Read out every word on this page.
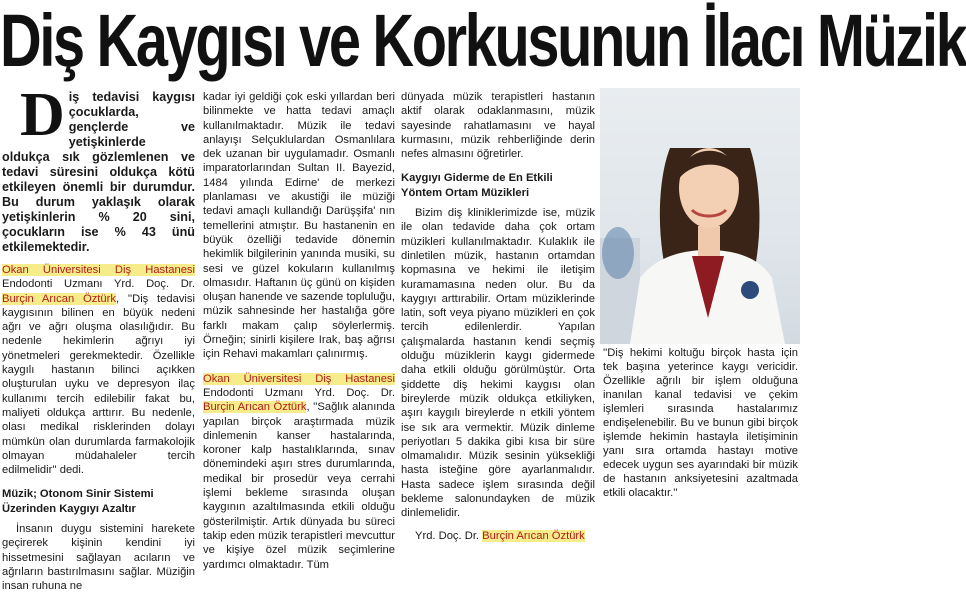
Diş Kaygısı ve Korkusunun İlacı Müzik

Diş tedavisi kaygısı çocuklarda, gençlerde ve yetişkinlerde oldukça sık gözlemlenen ve tedavi süresini oldukça kötü etkileyen önemli bir durumdur. Bu durum yaklaşık olarak yetişkinlerin % 20 sini, çocukların ise % 43 ünü etkilemektedir.

Okan Üniversitesi Diş Hastanesi Endodonti Uzmanı Yrd. Doç. Dr. Burçin Arıcan Öztürk, ''Diş tedavisi kaygısının bilinen en büyük nedeni ağrı ve ağrı oluşma olasılığıdır. Bu nedenle hekimlerin ağrıyı iyi yönetmeleri gerekmektedir. Özellikle kaygılı hastanın bilinci açıkken oluşturulan uyku ve depresyon ilaç kullanımı tercih edilebilir fakat bu, maliyeti oldukça arttırır. Bu nedenle, olası medikal risklerinden dolayı mümkün olan durumlarda farmakolojik olmayan müdahaleler tercih edilmelidir'' dedi.

Müzik; Otonom Sinir Sistemi Üzerinden Kaygıyı Azaltır

İnsanın duygu sistemini harekete geçirerek kişinin kendini iyi hissetmesini sağlayan acıların ve ağrıların bastırılmasını sağlar. Müziğin insan ruhuna ne

kadar iyi geldiği çok eski yıllardan beri bilinmekte ve hatta tedavi amaçlı kullanılmaktadır. Müzik ile tedavi anlayışı Selçuklulardan Osmanlılara dek uzanan bir uygulamadır. Osmanlı imparatorlarından Sultan II. Bayezid, 1484 yılında Edirne' de merkezi planlaması ve akustiği ile müziği tedavi amaçlı kullandığı Darüşşifa' nın temellerini atmıştır. Bu hastanenin en büyük özelliği tedavide dönemin hekimlik bilgilerinin yanında musiki, su sesi ve güzel kokuların kullanılmış olmasıdır. Haftanın üç günü on kişiden oluşan hanende ve sazende topluluğu, müzik sahnesinde her hastalığa göre farklı makam çalıp söylerlermiş. Örneğin; sinirli kişilere Irak, baş ağrısı için Rehavi makamları çalınırmış.

Okan Üniversitesi Diş Hastanesi Endodonti Uzmanı Yrd. Doç. Dr. Burçin Arıcan Öztürk, ''Sağlık alanında yapılan birçok araştırmada müzik dinlemenin kanser hastalarında, koroner kalp hastalıklarında, sınav dönemindeki aşırı stres durumlarında, medikal bir prosedür veya cerrahi işlemi bekleme sırasında oluşan kaygının azaltılmasında etkili olduğu gösterilmiştir. Artık dünyada bu süreci takip eden müzik terapistleri mevcuttur ve kişiye özel müzik seçimlerine yardımcı olmaktadır. Tüm

dünyada müzik terapistleri hastanın aktif olarak odaklanmasını, müzik sayesinde rahatlamasını ve hayal kurmasını, müzik rehberliğinde derin nefes almasını öğretirler.

Kaygıyı Giderme de En Etkili Yöntem Ortam Müzikleri

Bizim diş kliniklerimizde ise, müzik ile olan tedavide daha çok ortam müzikleri kullanılmaktadır. Kulaklık ile dinletilen müzik, hastanın ortamdan kopmasına ve hekimi ile iletişim kuramamasına neden olur. Bu da kaygıyı arttırabilir. Ortam müziklerinde latin, soft veya piyano müzikleri en çok tercih edilenlerdir. Yapılan çalışmalarda hastanın kendi seçmiş olduğu müziklerin kaygı gidermede daha etkili olduğu görülmüştür. Orta şiddette diş hekimi kaygısı olan bireylerde müzik oldukça etkiliyken, aşırı kaygılı bireylerde n etkili yöntem ise sık ara vermektir. Müzik dinleme periyotları 5 dakika gibi kısa bir süre olmamalıdır. Müzik sesinin yüksekliği hasta isteğine göre ayarlanmalıdır. Hasta sadece işlem sırasında değil bekleme salonundayken de müzik dinlemelidir.

Yrd. Doç. Dr. Burçin Arıcan Öztürk

''Diş hekimi koltuğu birçok hasta için tek başına yeterince kaygı vericidir. Özellikle ağrılı bir işlem olduğuna inanılan kanal tedavisi ve çekim işlemleri sırasında hastalarımız endişelenebilir. Bu ve bunun gibi birçok işlemde hekimin hastayla iletişiminin yanı sıra ortamda hastayı motive edecek uygun ses ayarındaki bir müzik de hastanın anksiyetesini azaltmada etkili olacaktır.''
